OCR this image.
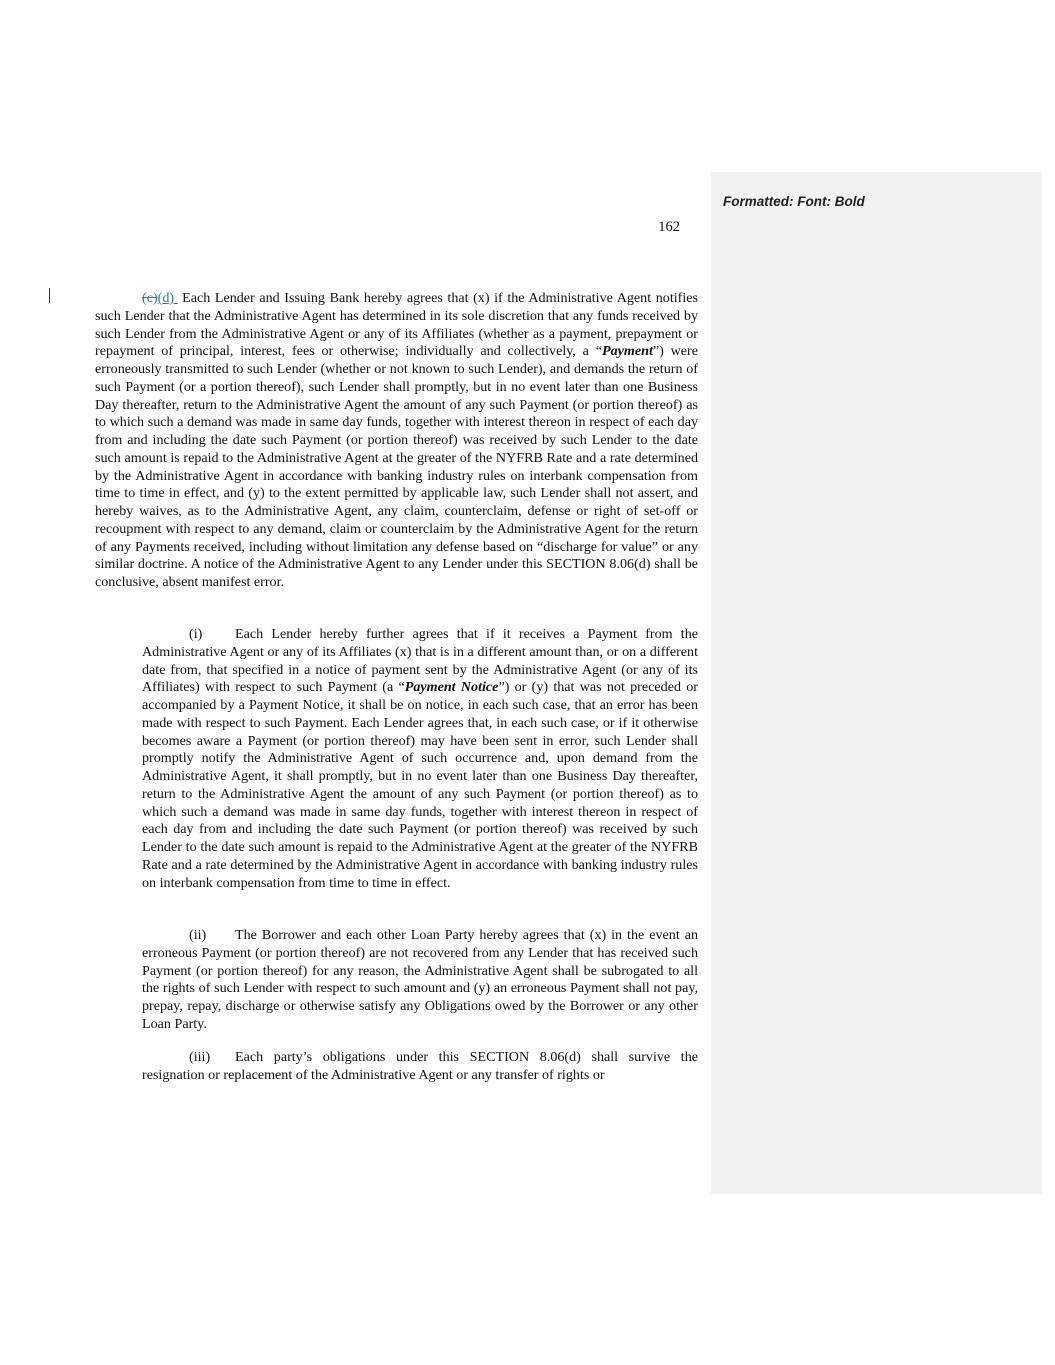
Formatted: Font: Bold
162

(c)(d) Each Lender and Issuing Bank hereby agrees that (x) if the Administrative Agent notifies such Lender that the Administrative Agent has determined in its sole discretion that any funds received by such Lender from the Administrative Agent or any of its Affiliates (whether as a payment, prepayment or repayment of principal, interest, fees or otherwise; individually and collectively, a “Payment”) were erroneously transmitted to such Lender (whether or not known to such Lender), and demands the return of such Payment (or a portion thereof), such Lender shall promptly, but in no event later than one Business Day thereafter, return to the Administrative Agent the amount of any such Payment (or portion thereof) as to which such a demand was made in same day funds, together with interest thereon in respect of each day from and including the date such Payment (or portion thereof) was received by such Lender to the date such amount is repaid to the Administrative Agent at the greater of the NYFRB Rate and a rate determined by the Administrative Agent in accordance with banking industry rules on interbank compensation from time to time in effect, and (y) to the extent permitted by applicable law, such Lender shall not assert, and hereby waives, as to the Administrative Agent, any claim, counterclaim, defense or right of set-off or recoupment with respect to any demand, claim or counterclaim by the Administrative Agent for the return of any Payments received, including without limitation any defense based on “discharge for value” or any similar doctrine. A notice of the Administrative Agent to any Lender under this SECTION 8.06(d) shall be conclusive, absent manifest error.

(i) Each Lender hereby further agrees that if it receives a Payment from the Administrative Agent or any of its Affiliates (x) that is in a different amount than, or on a different date from, that specified in a notice of payment sent by the Administrative Agent (or any of its Affiliates) with respect to such Payment (a “Payment Notice”) or (y) that was not preceded or accompanied by a Payment Notice, it shall be on notice, in each such case, that an error has been made with respect to such Payment. Each Lender agrees that, in each such case, or if it otherwise becomes aware a Payment (or portion thereof) may have been sent in error, such Lender shall promptly notify the Administrative Agent of such occurrence and, upon demand from the Administrative Agent, it shall promptly, but in no event later than one Business Day thereafter, return to the Administrative Agent the amount of any such Payment (or portion thereof) as to which such a demand was made in same day funds, together with interest thereon in respect of each day from and including the date such Payment (or portion thereof) was received by such Lender to the date such amount is repaid to the Administrative Agent at the greater of the NYFRB Rate and a rate determined by the Administrative Agent in accordance with banking industry rules on interbank compensation from time to time in effect.

(ii) The Borrower and each other Loan Party hereby agrees that (x) in the event an erroneous Payment (or portion thereof) are not recovered from any Lender that has received such Payment (or portion thereof) for any reason, the Administrative Agent shall be subrogated to all the rights of such Lender with respect to such amount and (y) an erroneous Payment shall not pay, prepay, repay, discharge or otherwise satisfy any Obligations owed by the Borrower or any other Loan Party.

(iii) Each party’s obligations under this SECTION 8.06(d) shall survive the resignation or replacement of the Administrative Agent or any transfer of rights or
